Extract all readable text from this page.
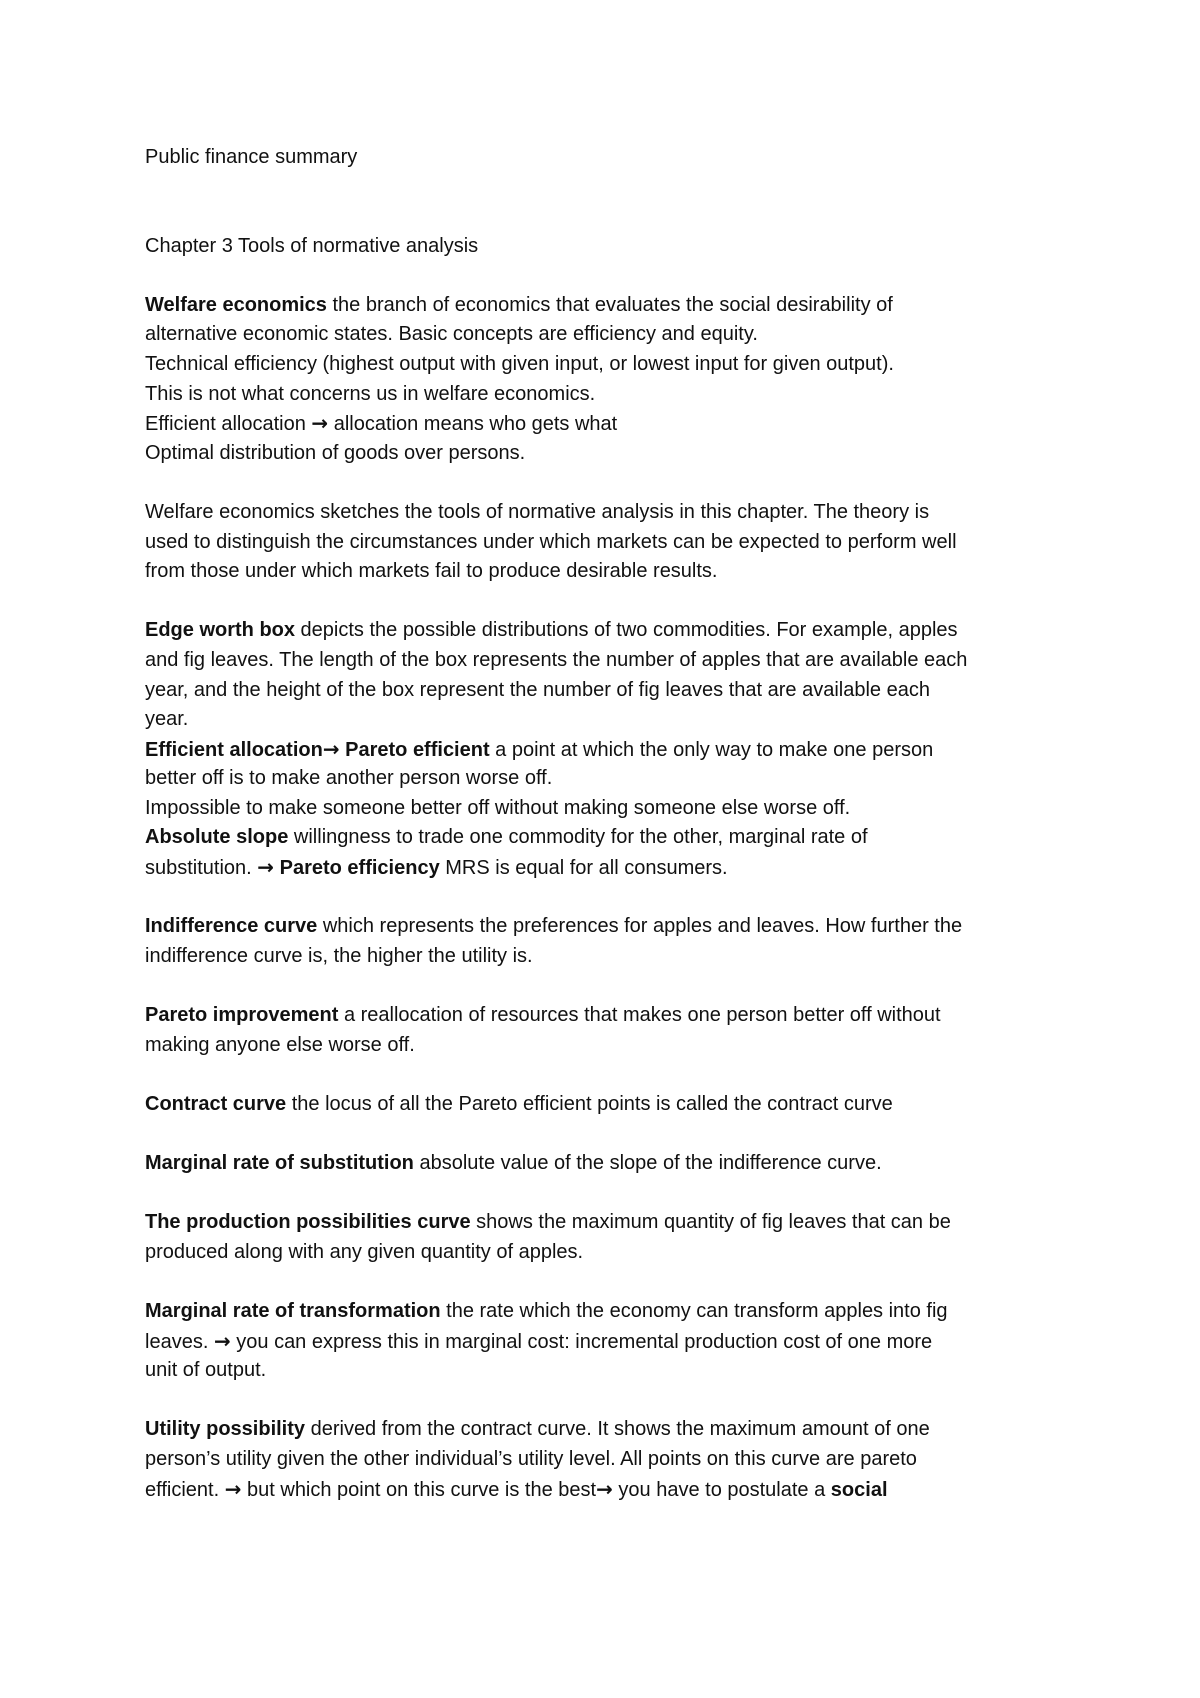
Public finance summary
Chapter 3 Tools of normative analysis
Welfare economics the branch of economics that evaluates the social desirability of
alternative economic states. Basic concepts are efficiency and equity.
Technical efficiency (highest output with given input, or lowest input for given output).
This is not what concerns us in welfare economics.
Efficient allocation → allocation means who gets what
Optimal distribution of goods over persons.
Welfare economics sketches the tools of normative analysis in this chapter. The theory is
used to distinguish the circumstances under which markets can be expected to perform well
from those under which markets fail to produce desirable results.
Edge worth box depicts the possible distributions of two commodities. For example, apples
and fig leaves. The length of the box represents the number of apples that are available each
year, and the height of the box represent the number of fig leaves that are available each
year.
Efficient allocation→ Pareto efficient a point at which the only way to make one person
better off is to make another person worse off.
Impossible to make someone better off without making someone else worse off.
Absolute slope willingness to trade one commodity for the other, marginal rate of
substitution. → Pareto efficiency MRS is equal for all consumers.
Indifference curve which represents the preferences for apples and leaves. How further the
indifference curve is, the higher the utility is.
Pareto improvement a reallocation of resources that makes one person better off without
making anyone else worse off.
Contract curve the locus of all the Pareto efficient points is called the contract curve
Marginal rate of substitution absolute value of the slope of the indifference curve.
The production possibilities curve shows the maximum quantity of fig leaves that can be
produced along with any given quantity of apples.
Marginal rate of transformation the rate which the economy can transform apples into fig
leaves. → you can express this in marginal cost: incremental production cost of one more
unit of output.
Utility possibility derived from the contract curve. It shows the maximum amount of one
person’s utility given the other individual’s utility level. All points on this curve are pareto
efficient. → but which point on this curve is the best→ you have to postulate a social
